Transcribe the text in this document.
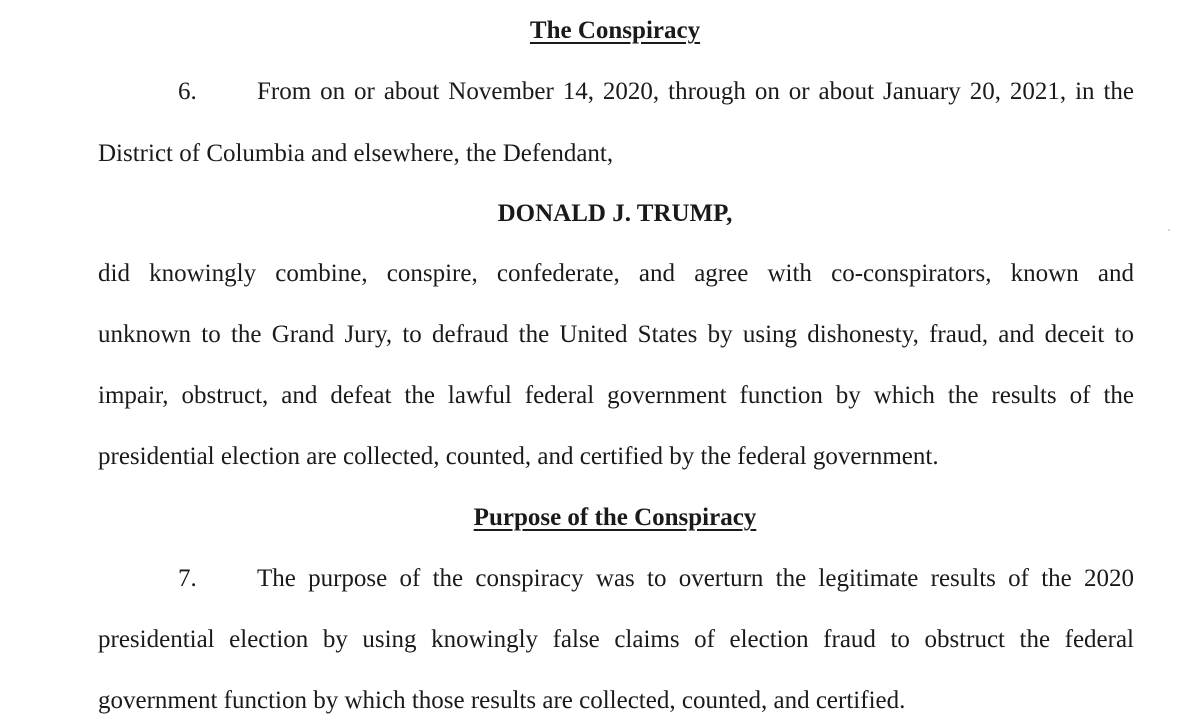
The Conspiracy

6. From on or about November 14, 2020, through on or about January 20, 2021, in the

District of Columbia and elsewhere, the Defendant,

DONALD J. TRUMP,

did knowingly combine, conspire, confederate, and agree with co-conspirators, known and

unknown to the Grand Jury, to defraud the United States by using dishonesty, fraud, and deceit to

impair, obstruct, and defeat the lawful federal government function by which the results of the

presidential election are collected, counted, and certified by the federal government.

Purpose of the Conspiracy

7. The purpose of the conspiracy was to overturn the legitimate results of the 2020

presidential election by using knowingly false claims of election fraud to obstruct the federal

government function by which those results are collected, counted, and certified.
